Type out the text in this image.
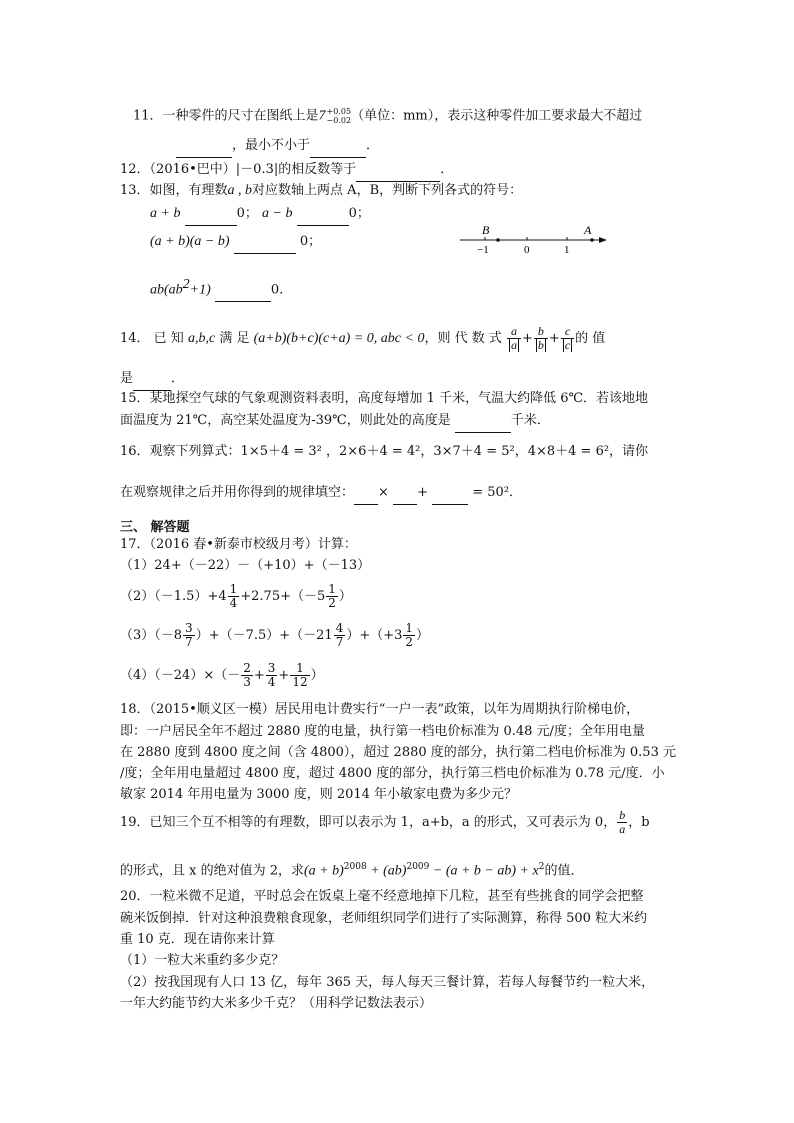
11．一种零件的尺寸在图纸上是7 +0.05
−0.02 （单位：mm），表示这种零件加工要求最大不超过
，最小不小于	．
12．（2016•巴中）|－0.3|的相反数等于	．
13．如图，有理数a , b对应数轴上两点 A，B，判断下列各式的符号：
a + b	0； a − b	0；
(a + b)(a − b)	0；
$ab(ab^2+1)$	0．
B	A
−1	0	1
14． 已 知 a,b,c 满 足 (a+b)(b+c)(c+a) = 0, abc < 0，则 代 数 式 $\frac{a}{a} + \frac{b}{b} + \frac{c}{c}$ 的 值
是	．
15．某地探空气球的气象观测资料表明，高度每增加 1 千米，气温大约降低 6℃．若该地地
面温度为 21℃，高空某处温度为-39℃，则此处的高度是	千米．
16．观察下列算式：1×5＋4 = 3² ，2×6＋4 = 4²，3×7＋4 = 5²，4×8＋4 = 6²，请你
在观察规律之后并用你得到的规律填空： × +	= 50²．
三、 解答题
17．（2016 春•新泰市校级月考）计算：
（1）24+（－22）－（+10）+（－13）
$(2)(-1.5)+4 \frac{1}{4} +2.75+(-5 \frac{1}{2}$ ）
$(3)(-8 \frac{3}{7} )+(-7.5)+(-21 \frac{4}{7} )+(+3 \frac{1}{2}$ ）
$(4)(-24)\times(- \frac{2}{3} + \frac{3}{4} + \frac{1}{12}$ ）
18．（2015•顺义区一模）居民用电计费实行“一户一表”政策，以年为周期执行阶梯电价，
即：一户居民全年不超过 2880 度的电量，执行第一档电价标准为 0.48 元/度；全年用电量
在 2880 度到 4800 度之间（含 4800），超过 2880 度的部分，执行第二档电价标准为 0.53 元
/度；全年用电量超过 4800 度，超过 4800 度的部分，执行第三档电价标准为 0.78 元/度．小
敏家 2014 年用电量为 3000 度，则 2014 年小敏家电费为多少元？
19．已知三个互不相等的有理数，即可以表示为 1，a+b，a 的形式，又可表示为 0， $\frac{b}{a}$ ，b
的形式，且 x 的绝对值为 2，求$(a + b)^{2008} + (ab)^{2009} - (a + b - ab) + x^2$的值．
20．一粒米微不足道，平时总会在饭桌上毫不经意地掉下几粒，甚至有些挑食的同学会把整
碗米饭倒掉．针对这种浪费粮食现象，老师组织同学们进行了实际测算，称得 500 粒大米约
重 10 克．现在请你来计算
（1）一粒大米重约多少克？
（2）按我国现有人口 13 亿，每年 365 天，每人每天三餐计算，若每人每餐节约一粒大米，
一年大约能节约大米多少千克？（用科学记数法表示）
